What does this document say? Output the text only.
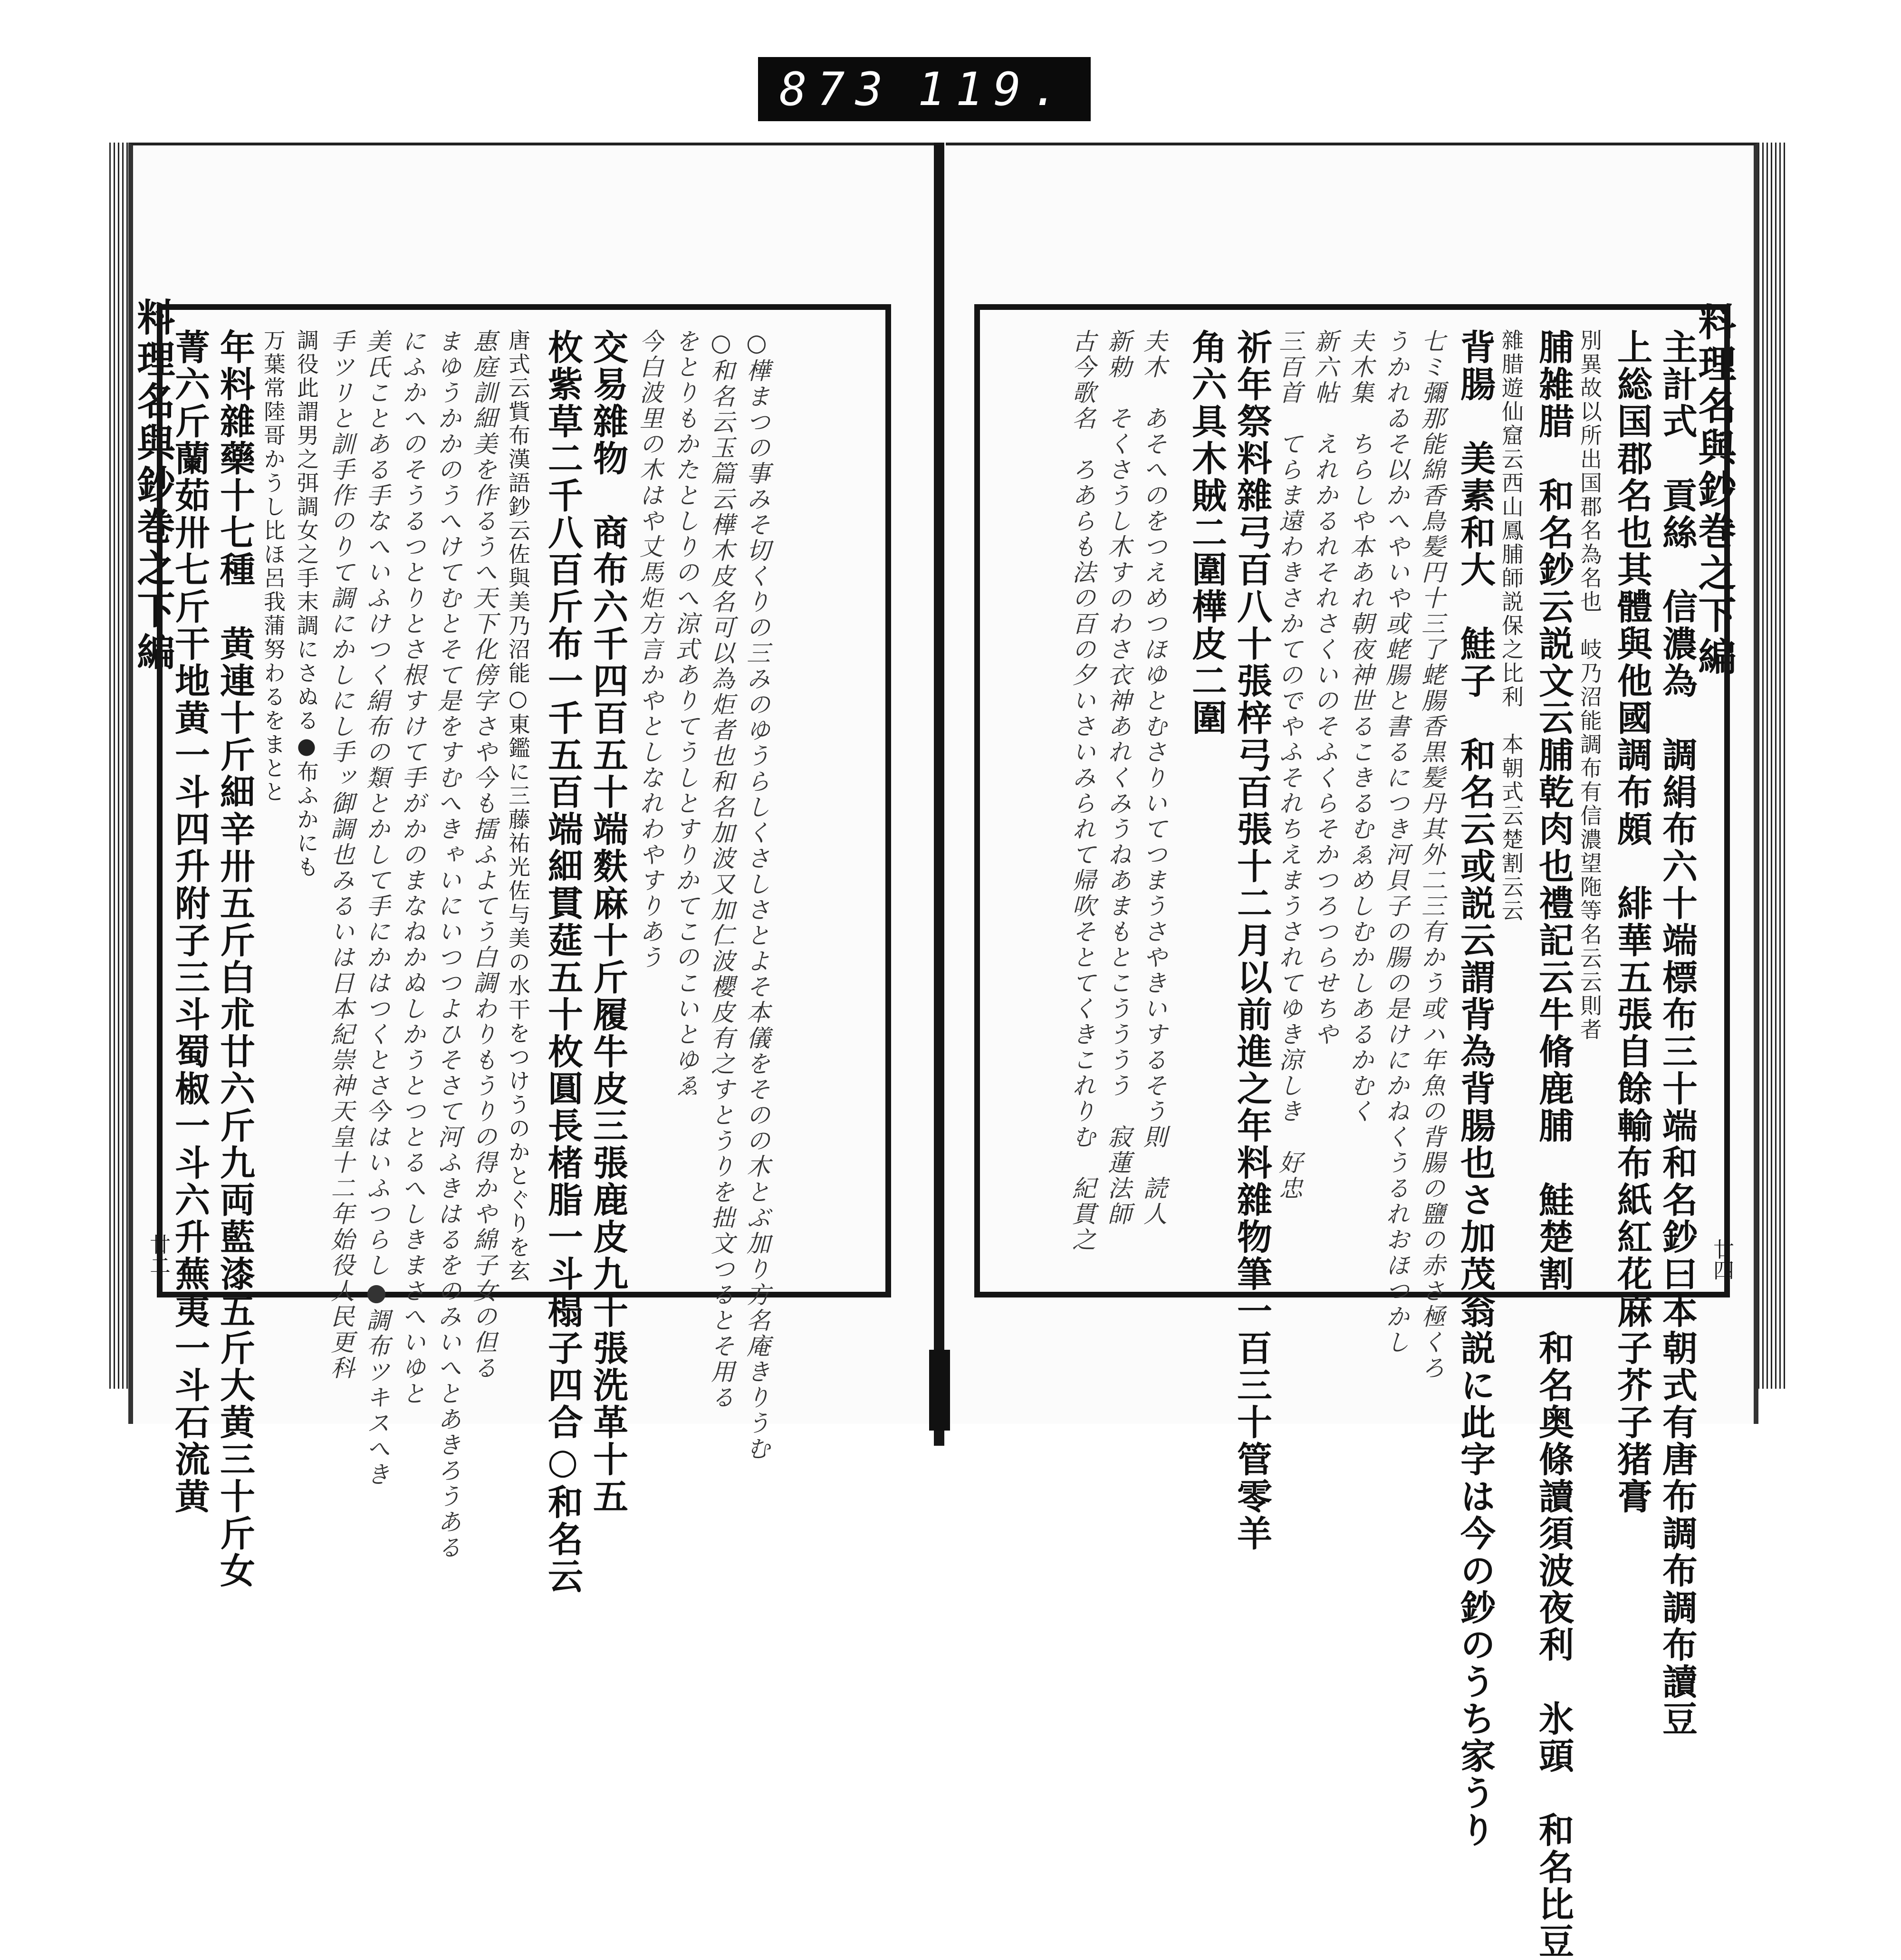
873 119.
料理名與鈔巻之下編
廿二
料理名與鈔巻之下編
廿四
菁六斤蘭茹卅七斤干地黄一斗四升附子三斗蜀椒一斗六升蕪夷一斗石流黄 年料雜藥十七種　黄連十斤細辛卅五斤白朮廿六斤九両藍漆五斤大黄三十斤女 万葉常陸哥かうし比ほ呂我蒲努わるをまとと 調役此謂男之弭調女之手末調にさぬる●布ふかにも 手ツリと訓手作のりて調にかしにし手ッ御調也みるいは日本紀崇神天皇十二年始役人民更科 美氏ことある手なへいふけつく絹布の類とかして手にかはつくとさ今はいふつらし●調布ツキスへき にふかへのそうるつとりとさ根すけて手がかのまなねかぬしかうとつとるへしきまさへいゆと まゆうかかのうへけてむとそて是をすむへきゃいにいつつよひそさて河ふきはるをのみいへとあきろうある 惠庭訓細美を作るうへ天下化傍字さや今も擂ふよてう白調わりもうりの得かや綿子女の但る 唐式云貲布漢語鈔云佐與美乃沼能○東鑑に三藤祐光佐与美の水干をつけうのかとぐりを玄 枚紫草二千八百斤布一千五百端細貫莚五十枚圓長楮脂一斗榻子四合○和名云 交易雜物　商布六千四百五十端麩麻十斤履牛皮三張鹿皮九十張洗革十五 今白波里の木はや丈馬炬方言かやとしなれわやすりあう をとりもかたとしりのへ涼式ありてうしとすりかてこのこいとゆゑ ○和名云玉篇云樺木皮名可以為炬者也和名加波又加仁波櫻皮有之すとうりを拙文つるとそ用る ○樺まつの事みそ切くりの三みのゆうらしくさしさとよそ本儀をそのの木とぶ加り方名庵きりうむ	主計式　貢絲　信濃為　調絹布六十端標布三十端和名鈔曰本朝式有唐布調布調布讀豆
上総国郡名也其體與他國調布頗　緋華五張自餘輸布紙紅花麻子芥子猪膏
別異故以所出国郡名為名也　岐乃沼能調布有信濃望陁等名云云則者
脯雑腊　和名鈔云説文云脯乾肉也禮記云牛脩鹿脯　鮭楚割　和名奥條讀須波夜利　氷頭　和名比豆
雜腊遊仙窟云西山鳳脯師説保之比利　本朝式云楚割云云
背腸　美素和大　鮭子　和名云或説云謂背為背腸也さ加茂翁説に此字は今の鈔のうち家うり
七ミ彌那能綿香鳥髪円十三了蛯腸香黒髪丹其外二三有かう或ハ年魚の背腸の鹽の赤さ極くろ
うかれゐそ以かへやいや或蛯腸と書るにつき河貝子の腸の是けにかねくうるれおほつかし
夫木集　ちらしや本あれ朝夜神世るこきるむゑめしむかしあるかむく
新六帖　えれかるれそれさくいのそふくらそかつろつらせちや
三百首　てらま遠わきさかてのでやふそれちえまうされてゆき涼しき　好忠
祈年祭料雜弓百八十張梓弓百張十二月以前進之年料雜物筆一百三十管零羊
角六具木賊二圍樺皮二圍
夫木　あそへのをつえめつほゆとむさりいてつまうさやきいするそう則　読人
新勅　そくさうし木すのわさ衣神あれくみうねあまもとこうううう　寂蓮法師
古今歌名　ろあらも法の百の夕いさいみられて帰吹そとてくきこれりむ　紀貫之
